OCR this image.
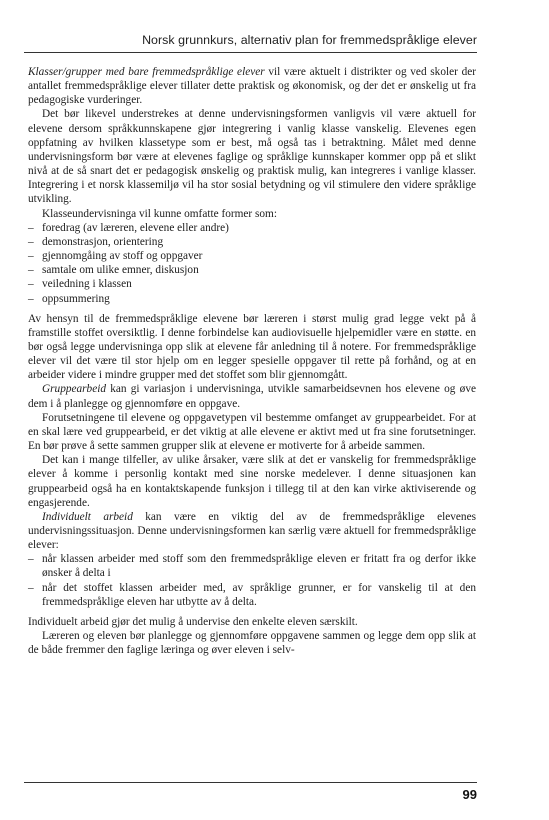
Norsk grunnkurs, alternativ plan for fremmedspråklige elever

Klasser/grupper med bare fremmedspråklige elever vil være aktuelt i distrikter og ved skoler der antallet fremmedspråklige elever tillater dette praktisk og økonomisk, og der det er ønskelig ut fra pedagogiske vurderinger.

Det bør likevel understrekes at denne undervisningsformen vanligvis vil være aktuell for elevene dersom språkkunnskapene gjør integrering i vanlig klasse vanskelig. Elevenes egen oppfatning av hvilken klassetype som er best, må også tas i betraktning. Målet med denne undervisningsform bør være at elevenes faglige og språklige kunnskaper kommer opp på et slikt nivå at de så snart det er pedagogisk ønskelig og praktisk mulig, kan integreres i vanlige klasser. Integrering i et norsk klassemiljø vil ha stor sosial betydning og vil stimulere den videre språklige utvikling.

Klasseundervisninga vil kunne omfatte former som:

– foredrag (av læreren, elevene eller andre)
– demonstrasjon, orientering
– gjennomgåing av stoff og oppgaver
– samtale om ulike emner, diskusjon
– veiledning i klassen
– oppsummering

Av hensyn til de fremmedspråklige elevene bør læreren i størst mulig grad legge vekt på å framstille stoffet oversiktlig. I denne forbindelse kan audiovisuelle hjelpemidler være en støtte. en bør også legge undervisninga opp slik at elevene får anledning til å notere. For fremmedspråklige elever vil det være til stor hjelp om en legger spesielle oppgaver til rette på forhånd, og at en arbeider videre i mindre grupper med det stoffet som blir gjennomgått.

Gruppearbeid kan gi variasjon i undervisninga, utvikle samarbeidsevnen hos elevene og øve dem i å planlegge og gjennomføre en oppgave.

Forutsetningene til elevene og oppgavetypen vil bestemme omfanget av gruppearbeidet. For at en skal lære ved gruppearbeid, er det viktig at alle elevene er aktivt med ut fra sine forutsetninger. En bør prøve å sette sammen grupper slik at elevene er motiverte for å arbeide sammen.

Det kan i mange tilfeller, av ulike årsaker, være slik at det er vanskelig for fremmedspråklige elever å komme i personlig kontakt med sine norske medelever. I denne situasjonen kan gruppearbeid også ha en kontaktskapende funksjon i tillegg til at den kan virke aktiviserende og engasjerende.

Individuelt arbeid kan være en viktig del av de fremmedspråklige elevenes undervisningssituasjon. Denne undervisningsformen kan særlig være aktuell for fremmedspråklige elever:

– når klassen arbeider med stoff som den fremmedspråklige eleven er fritatt fra og derfor ikke ønsker å delta i
– når det stoffet klassen arbeider med, av språklige grunner, er for vanskelig til at den fremmedspråklige eleven har utbytte av å delta.

Individuelt arbeid gjør det mulig å undervise den enkelte eleven særskilt.

Læreren og eleven bør planlegge og gjennomføre oppgavene sammen og legge dem opp slik at de både fremmer den faglige læringa og øver eleven i selv-

99
